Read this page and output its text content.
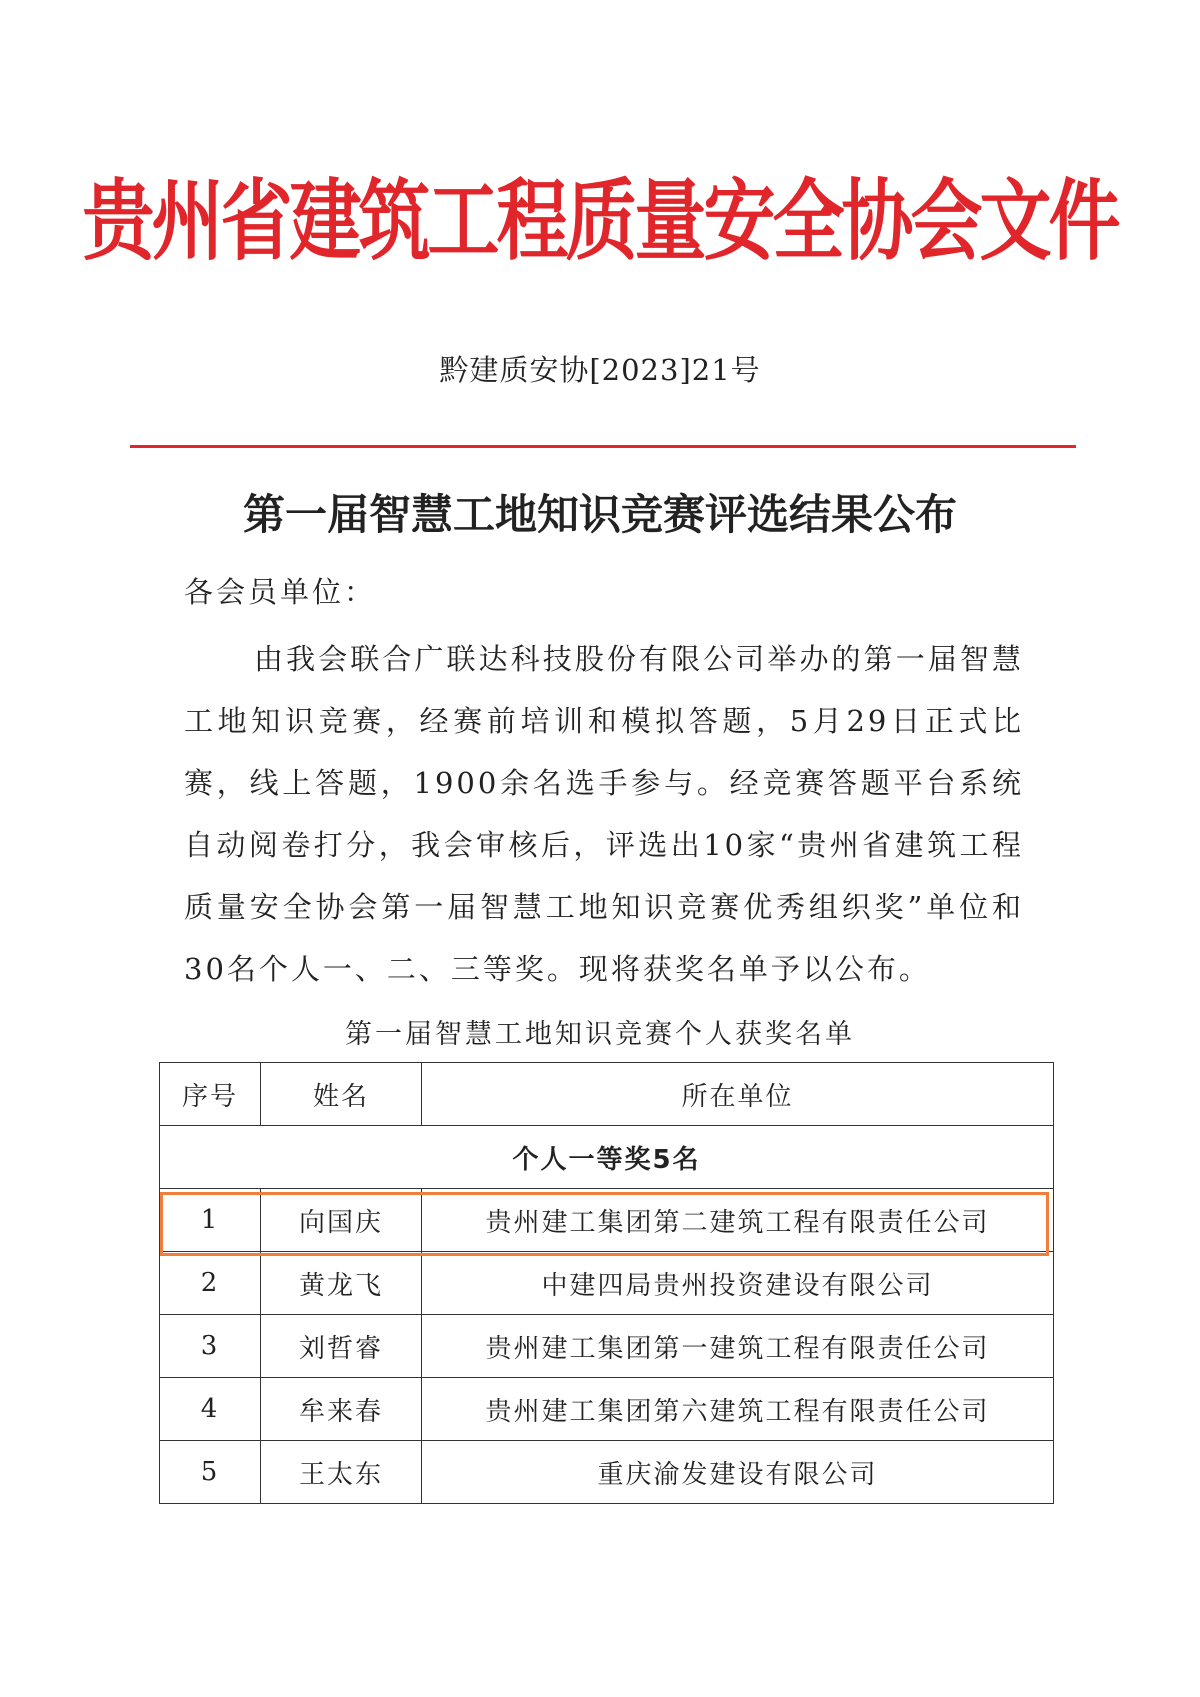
贵州省建筑工程质量安全协会文件
黔建质安协[2023]21号
第一届智慧工地知识竞赛评选结果公布
各会员单位：
由我会联合广联达科技股份有限公司举办的第一届智慧工地知识竞赛，经赛前培训和模拟答题，5月29日正式比赛，线上答题，1900余名选手参与。经竞赛答题平台系统自动阅卷打分，我会审核后，评选出10家“贵州省建筑工程质量安全协会第一届智慧工地知识竞赛优秀组织奖”单位和30名个人一、二、三等奖。现将获奖名单予以公布。
第一届智慧工地知识竞赛个人获奖名单
序号	姓名	所在单位
个人一等奖5名		
1	向国庆	贵州建工集团第二建筑工程有限责任公司
2	黄龙飞	中建四局贵州投资建设有限公司
3	刘哲睿	贵州建工集团第一建筑工程有限责任公司
4	牟来春	贵州建工集团第六建筑工程有限责任公司
5	王太东	重庆渝发建设有限公司
